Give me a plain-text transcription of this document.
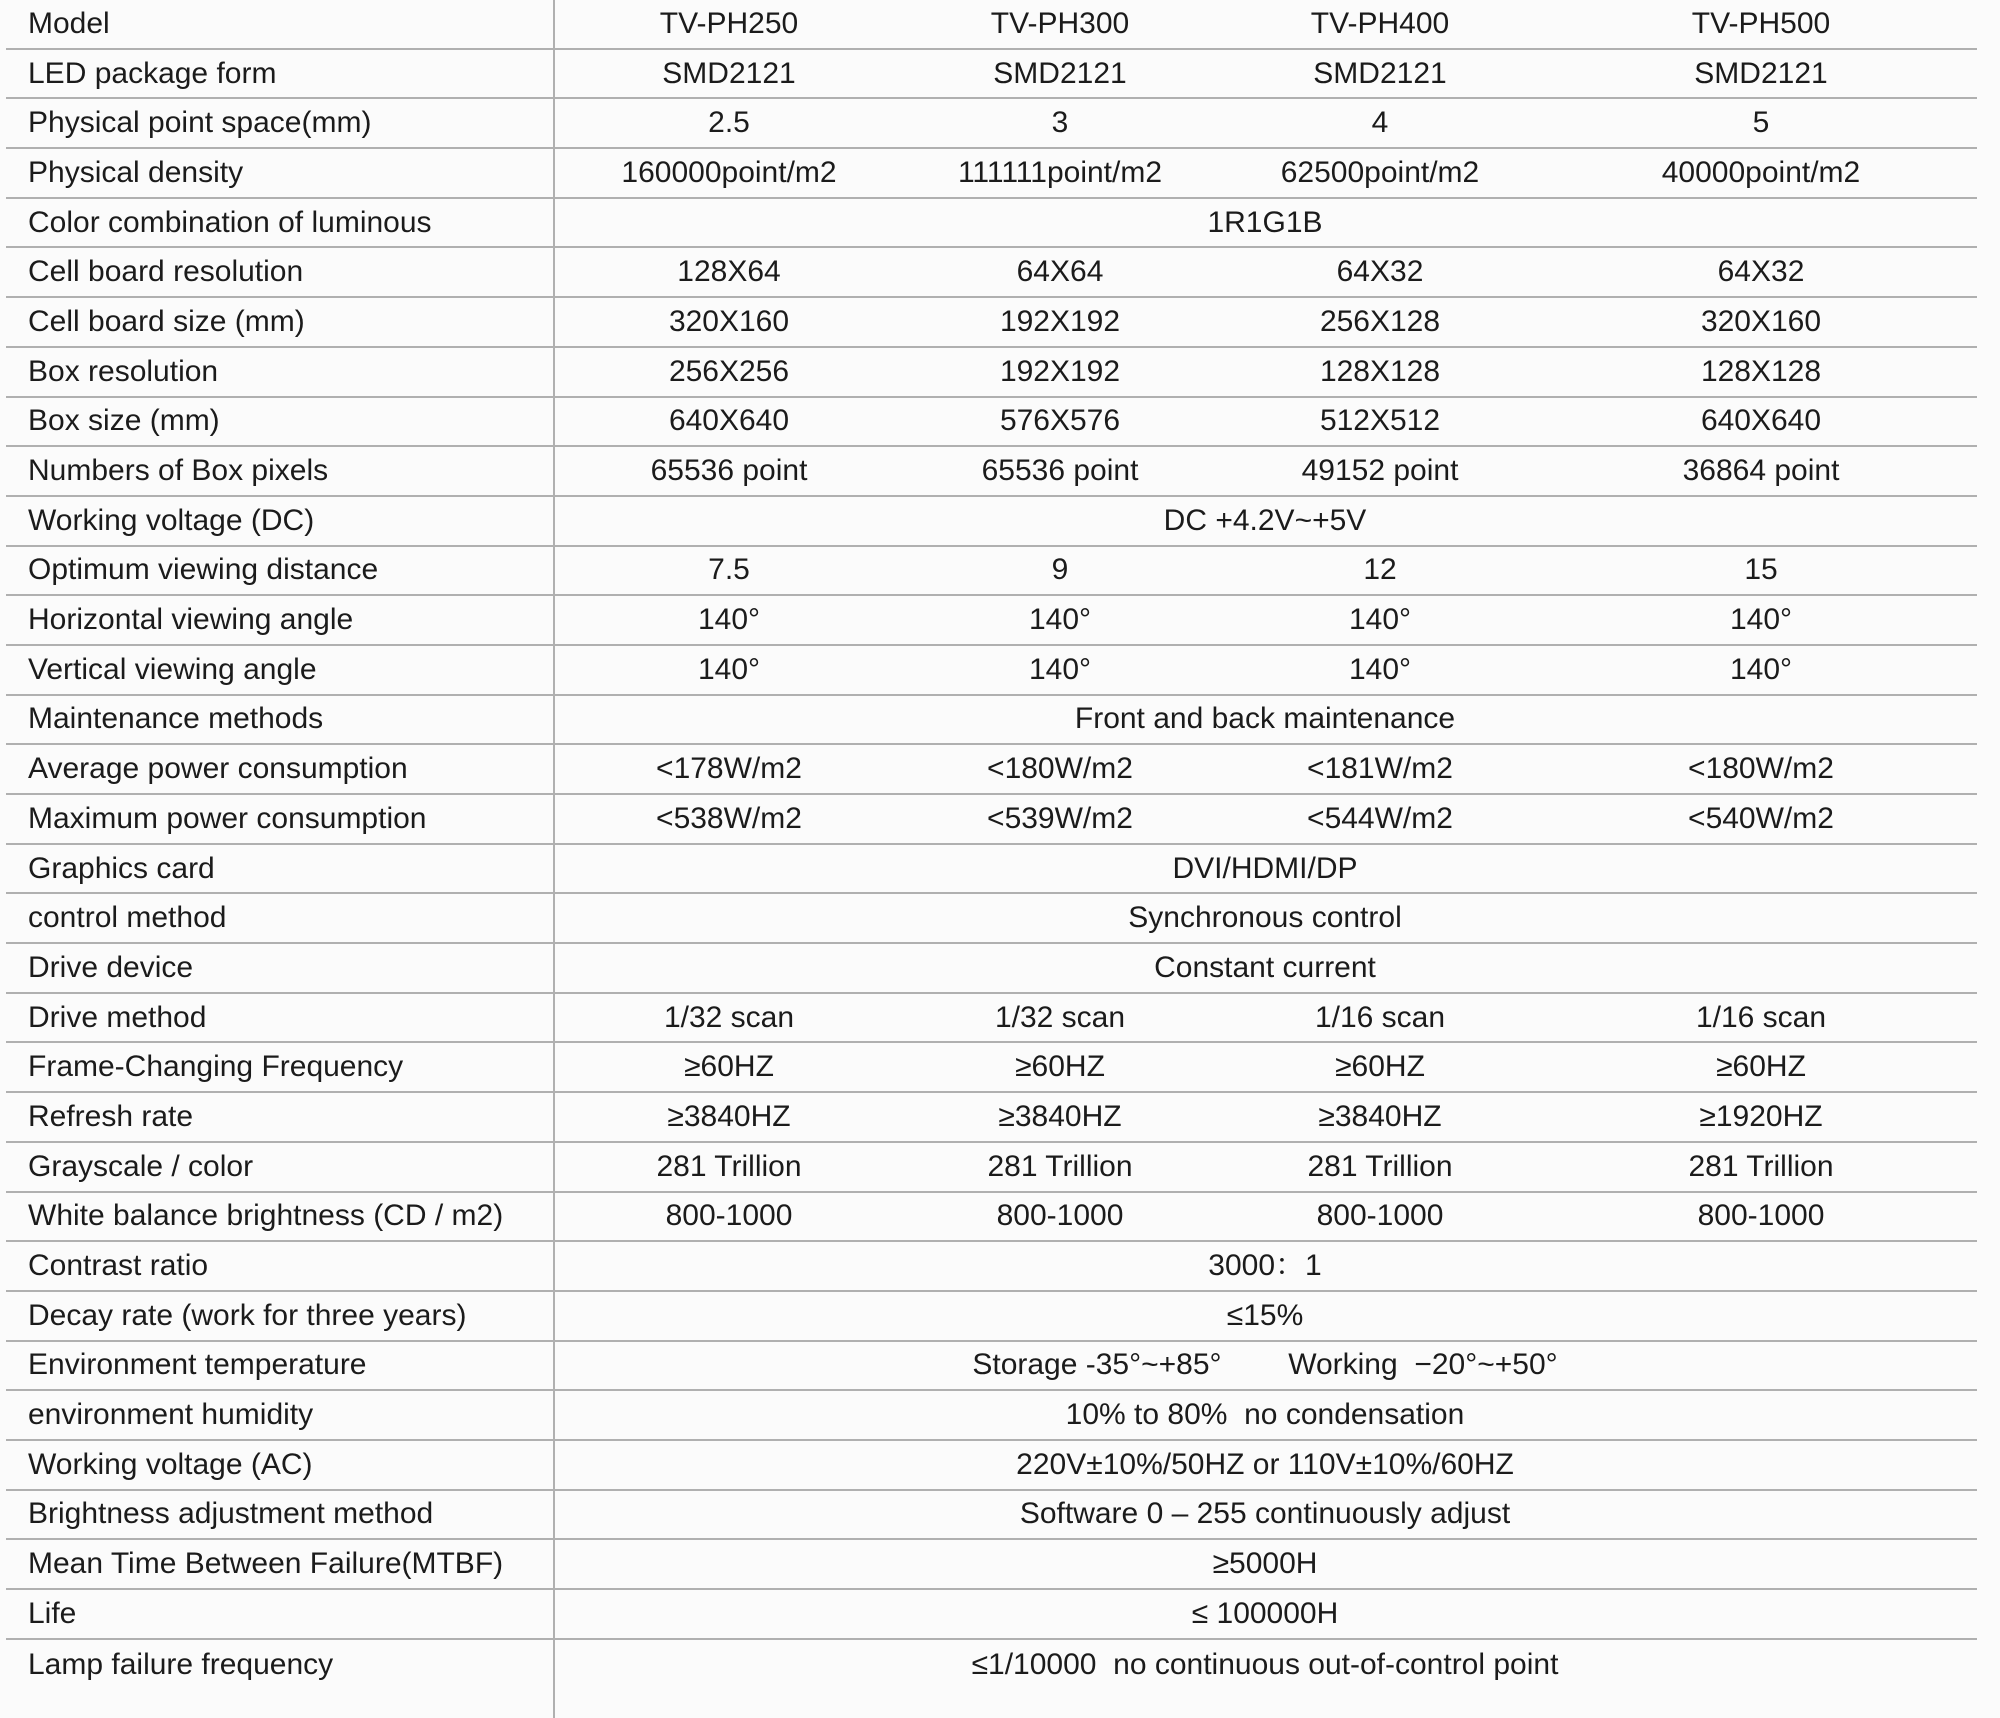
Model	TV-PH250	TV-PH300	TV-PH400	TV-PH500
LED package form	SMD2121	SMD2121	SMD2121	SMD2121
Physical point space(mm)	2.5	3	4	5
Physical density	160000point/m2	111111point/m2	62500point/m2	40000point/m2
Color combination of luminous	1R1G1B
Cell board resolution	128X64	64X64	64X32	64X32
Cell board size (mm)	320X160	192X192	256X128	320X160
Box resolution	256X256	192X192	128X128	128X128
Box size (mm)	640X640	576X576	512X512	640X640
Numbers of Box pixels	65536 point	65536 point	49152 point	36864 point
Working voltage (DC)	DC +4.2V~+5V
Optimum viewing distance	7.5	9	12	15
Horizontal viewing angle	140°	140°	140°	140°
Vertical viewing angle	140°	140°	140°	140°
Maintenance methods	Front and back maintenance
Average power consumption	<178W/m2	<180W/m2	<181W/m2	<180W/m2
Maximum power consumption	<538W/m2	<539W/m2	<544W/m2	<540W/m2
Graphics card	DVI/HDMI/DP
control method	Synchronous control
Drive device	Constant current
Drive method	1/32 scan	1/32 scan	1/16 scan	1/16 scan
Frame-Changing Frequency	≥60HZ	≥60HZ	≥60HZ	≥60HZ
Refresh rate	≥3840HZ	≥3840HZ	≥3840HZ	≥1920HZ
Grayscale / color	281 Trillion	281 Trillion	281 Trillion	281 Trillion
White balance brightness (CD / m2)	800-1000	800-1000	800-1000	800-1000
Contrast ratio	3000：1
Decay rate (work for three years)	≤15%
Environment temperature	Storage -35°~+85°        Working  −20°~+50°
environment humidity	10% to 80%  no condensation
Working voltage (AC)	220V±10%/50HZ or 110V±10%/60HZ
Brightness adjustment method	Software 0 – 255 continuously adjust
Mean Time Between Failure(MTBF)	≥5000H
Life	≤ 100000H
Lamp failure frequency	≤1/10000  no continuous out-of-control point
